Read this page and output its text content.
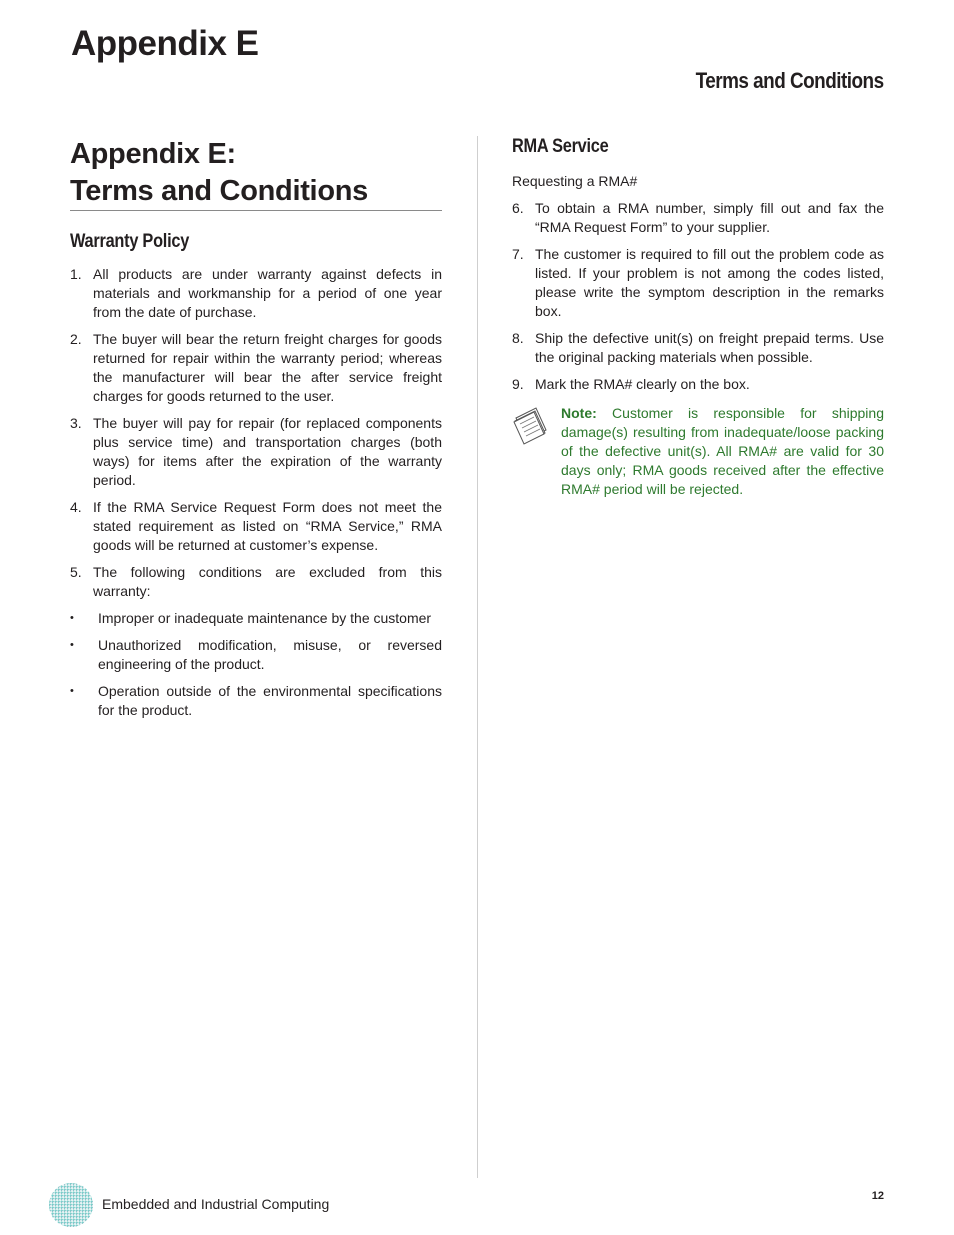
Appendix E
Terms and Conditions
Appendix E:
Terms and Conditions
Warranty Policy
1. All products are under warranty against defects in materials and workmanship for a period of one year from the date of purchase.
2. The buyer will bear the return freight charges for goods returned for repair within the warranty period; whereas the manufacturer will bear the after service freight charges for goods returned to the user.
3. The buyer will pay for repair (for replaced components plus service time) and transportation charges (both ways) for items after the expiration of the warranty period.
4. If the RMA Service Request Form does not meet the stated requirement as listed on “RMA Service,” RMA goods will be returned at customer’s expense.
5. The following conditions are excluded from this warranty:
• Improper or inadequate maintenance by the customer
• Unauthorized modification, misuse, or reversed engineering of the product.
• Operation outside of the environmental specifications for the product.
RMA Service
Requesting a RMA#
6. To obtain a RMA number, simply fill out and fax the “RMA Request Form” to your supplier.
7. The customer is required to fill out the problem code as listed. If your problem is not among the codes listed, please write the symptom description in the remarks box.
8. Ship the defective unit(s) on freight prepaid terms. Use the original packing materials when possible.
9. Mark the RMA# clearly on the box.
Note: Customer is responsible for shipping damage(s) resulting from inadequate/loose packing of the defective unit(s). All RMA# are valid for 30 days only; RMA goods received after the effective RMA# period will be rejected.
Embedded and Industrial Computing	12
